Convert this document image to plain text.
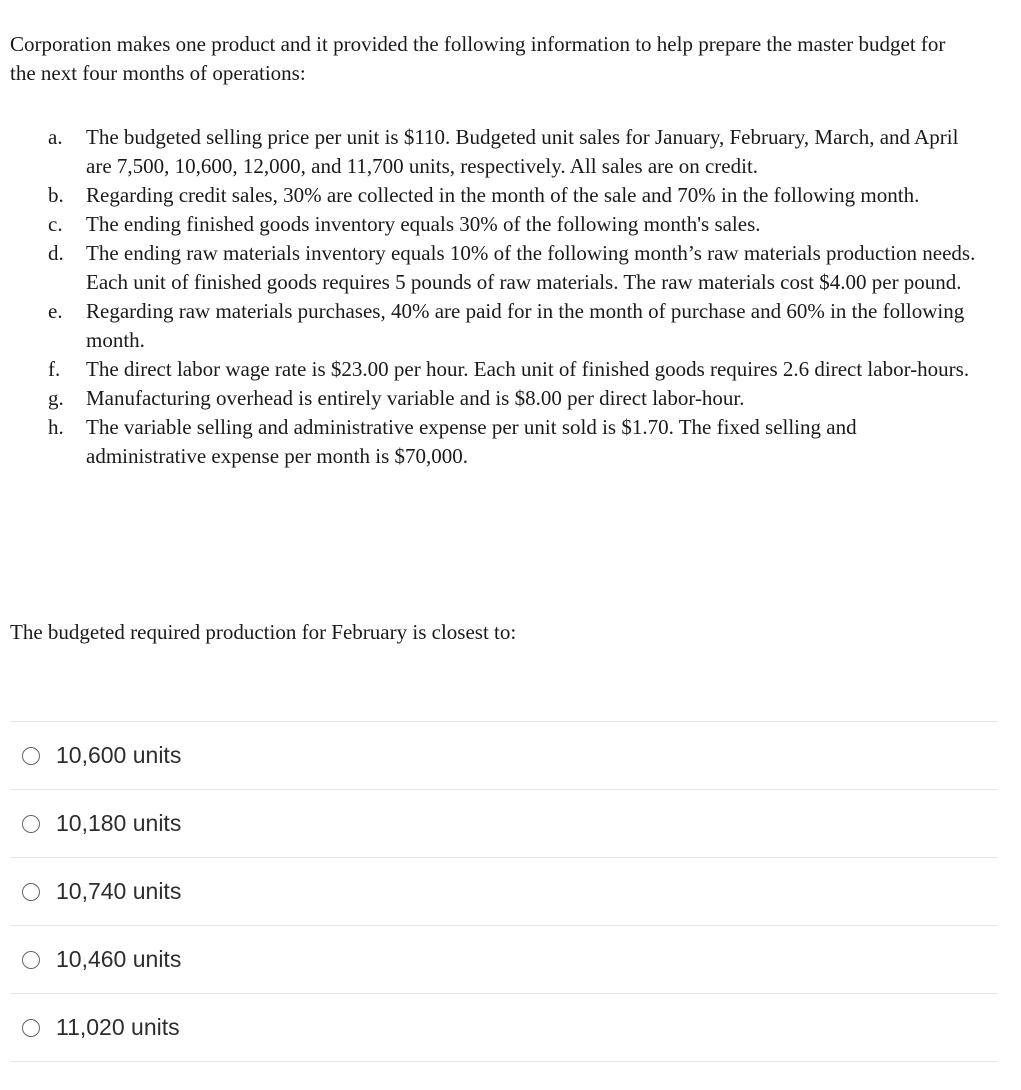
Corporation makes one product and it provided the following information to help prepare the master budget for the next four months of operations:

a.	The budgeted selling price per unit is $110. Budgeted unit sales for January, February, March, and April are 7,500, 10,600, 12,000, and 11,700 units, respectively. All sales are on credit.
b.	Regarding credit sales, 30% are collected in the month of the sale and 70% in the following month.
c.	The ending finished goods inventory equals 30% of the following month's sales.
d.	The ending raw materials inventory equals 10% of the following month’s raw materials production needs. Each unit of finished goods requires 5 pounds of raw materials. The raw materials cost $4.00 per pound.
e.	Regarding raw materials purchases, 40% are paid for in the month of purchase and 60% in the following month.
f.	The direct labor wage rate is $23.00 per hour. Each unit of finished goods requires 2.6 direct labor-hours.
g.	Manufacturing overhead is entirely variable and is $8.00 per direct labor-hour.
h.	The variable selling and administrative expense per unit sold is $1.70. The fixed selling and administrative expense per month is $70,000.

The budgeted required production for February is closest to:

10,600 units
10,180 units
10,740 units
10,460 units
11,020 units
